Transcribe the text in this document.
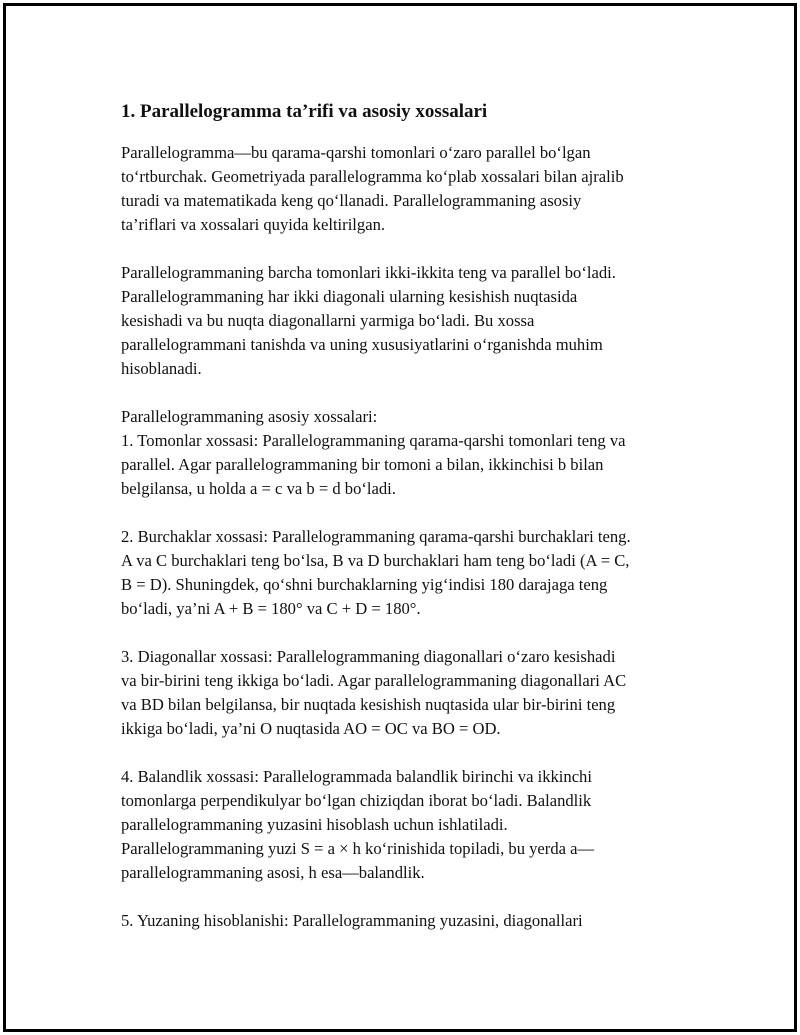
1. Parallelogramma ta’rifi va asosiy xossalari

Parallelogramma—bu qarama-qarshi tomonlari o‘zaro parallel bo‘lgan
to‘rtburchak. Geometriyada parallelogramma ko‘plab xossalari bilan ajralib
turadi va matematikada keng qo‘llanadi. Parallelogrammaning asosiy
ta’riflari va xossalari quyida keltirilgan.

Parallelogrammaning barcha tomonlari ikki-ikkita teng va parallel bo‘ladi.
Parallelogrammaning har ikki diagonali ularning kesishish nuqtasida
kesishadi va bu nuqta diagonallarni yarmiga bo‘ladi. Bu xossa
parallelogrammani tanishda va uning xususiyatlarini o‘rganishda muhim
hisoblanadi.

Parallelogrammaning asosiy xossalari:
1. Tomonlar xossasi: Parallelogrammaning qarama-qarshi tomonlari teng va
parallel. Agar parallelogrammaning bir tomoni a bilan, ikkinchisi b bilan
belgilansa, u holda a = c va b = d bo‘ladi.

2. Burchaklar xossasi: Parallelogrammaning qarama-qarshi burchaklari teng.
A va C burchaklari teng bo‘lsa, B va D burchaklari ham teng bo‘ladi (A = C,
B = D). Shuningdek, qo‘shni burchaklarning yig‘indisi 180 darajaga teng
bo‘ladi, ya’ni A + B = 180° va C + D = 180°.

3. Diagonallar xossasi: Parallelogrammaning diagonallari o‘zaro kesishadi
va bir-birini teng ikkiga bo‘ladi. Agar parallelogrammaning diagonallari AC
va BD bilan belgilansa, bir nuqtada kesishish nuqtasida ular bir-birini teng
ikkiga bo‘ladi, ya’ni O nuqtasida AO = OC va BO = OD.

4. Balandlik xossasi: Parallelogrammada balandlik birinchi va ikkinchi
tomonlarga perpendikulyar bo‘lgan chiziqdan iborat bo‘ladi. Balandlik
parallelogrammaning yuzasini hisoblash uchun ishlatiladi.
Parallelogrammaning yuzi S = a × h ko‘rinishida topiladi, bu yerda a—
parallelogrammaning asosi, h esa—balandlik.

5. Yuzaning hisoblanishi: Parallelogrammaning yuzasini, diagonallari
